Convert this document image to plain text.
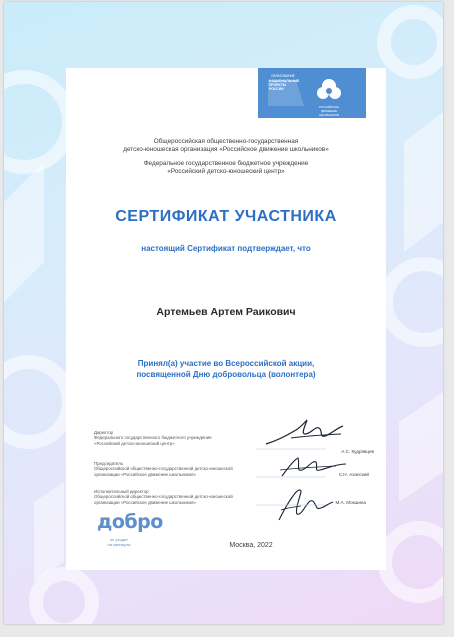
ОБРАЗОВАНИЕ
НАЦИОНАЛЬНЫЕ ПРОЕКТЫ РОССИИ
РОССИЙСКОЕ ДВИЖЕНИЕ ШКОЛЬНИКОВ
Общероссийская общественно-государственная
детско-юношеская организация «Российское движение школьников»
Федеральное государственное бюджетное учреждение
«Российский детско-юношеский центр»
СЕРТИФИКАТ УЧАСТНИКА
настоящий Сертификат подтверждает, что
Артемьев Артем Раикович
Принял(а) участие во Всероссийской акции,
посвященной Дню добровольца (волонтера)
Директор
Федерального государственного бюджетного учреждения
«Российский детско-юношеский центр»
А.С. Кудрявцев
Председатель
Общероссийской общественно-государственной детско-юношеской
организации «Российское движение школьников»	С.Н. Аханский
Исполнительный директор
Общероссийской общественно-государственной детско-юношеской
организации «Российское движение школьников»	М.А. Мокшина
добро
не уходит
на каникулы	Москва, 2022
